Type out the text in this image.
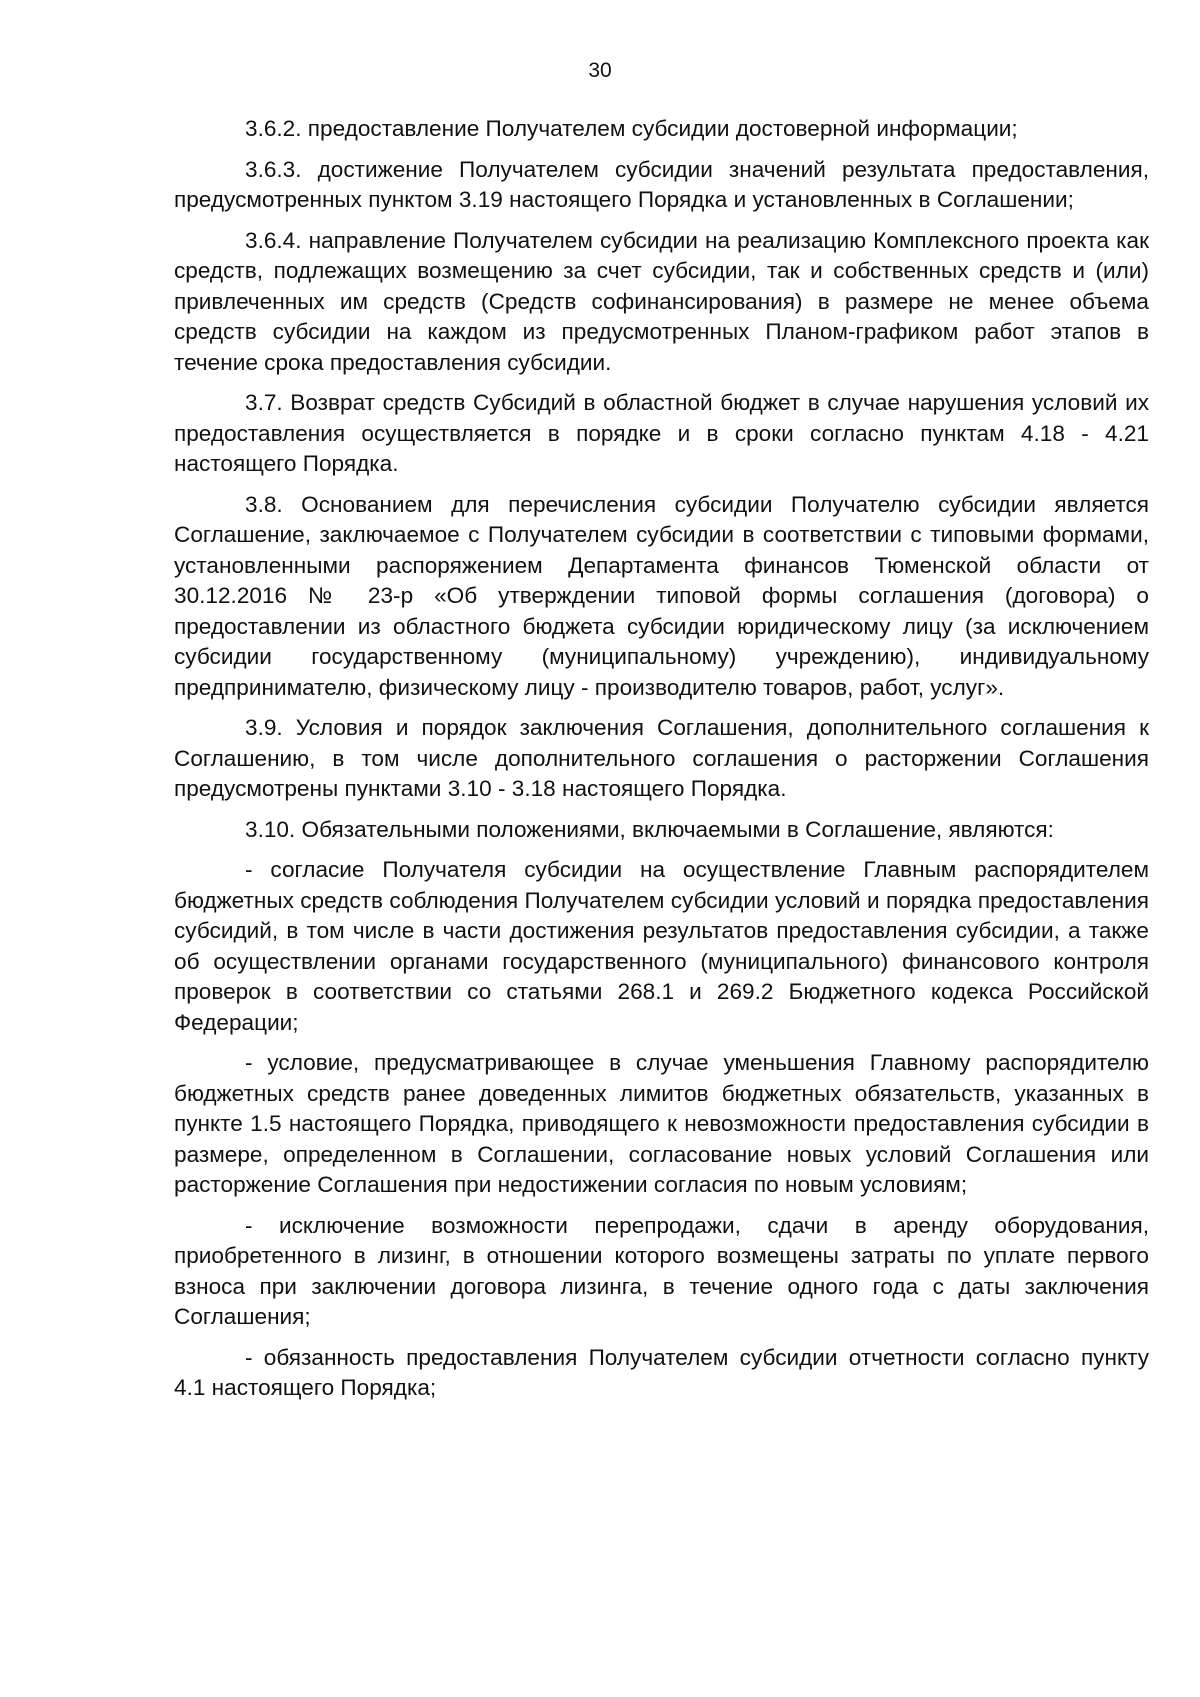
30

3.6.2. предоставление Получателем субсидии достоверной информации;

3.6.3. достижение Получателем субсидии значений результата предоставления, предусмотренных пунктом 3.19 настоящего Порядка и установленных в Соглашении;

3.6.4. направление Получателем субсидии на реализацию Комплексного проекта как средств, подлежащих возмещению за счет субсидии, так и собственных средств и (или) привлеченных им средств (Средств софинансирования) в размере не менее объема средств субсидии на каждом из предусмотренных Планом-графиком работ этапов в течение срока предоставления субсидии.

3.7. Возврат средств Субсидий в областной бюджет в случае нарушения условий их предоставления осуществляется в порядке и в сроки согласно пунктам 4.18 - 4.21 настоящего Порядка.

3.8. Основанием для перечисления субсидии Получателю субсидии является Соглашение, заключаемое с Получателем субсидии в соответствии с типовыми формами, установленными распоряжением Департамента финансов Тюменской области от 30.12.2016 № 23-р «Об утверждении типовой формы соглашения (договора) о предоставлении из областного бюджета субсидии юридическому лицу (за исключением субсидии государственному (муниципальному) учреждению), индивидуальному предпринимателю, физическому лицу - производителю товаров, работ, услуг».

3.9. Условия и порядок заключения Соглашения, дополнительного соглашения к Соглашению, в том числе дополнительного соглашения о расторжении Соглашения предусмотрены пунктами 3.10 - 3.18 настоящего Порядка.

3.10. Обязательными положениями, включаемыми в Соглашение, являются:

- согласие Получателя субсидии на осуществление Главным распорядителем бюджетных средств соблюдения Получателем субсидии условий и порядка предоставления субсидий, в том числе в части достижения результатов предоставления субсидии, а также об осуществлении органами государственного (муниципального) финансового контроля проверок в соответствии со статьями 268.1 и 269.2 Бюджетного кодекса Российской Федерации;

- условие, предусматривающее в случае уменьшения Главному распорядителю бюджетных средств ранее доведенных лимитов бюджетных обязательств, указанных в пункте 1.5 настоящего Порядка, приводящего к невозможности предоставления субсидии в размере, определенном в Соглашении, согласование новых условий Соглашения или расторжение Соглашения при недостижении согласия по новым условиям;

- исключение возможности перепродажи, сдачи в аренду оборудования, приобретенного в лизинг, в отношении которого возмещены затраты по уплате первого взноса при заключении договора лизинга, в течение одного года с даты заключения Соглашения;

- обязанность предоставления Получателем субсидии отчетности согласно пункту 4.1 настоящего Порядка;
